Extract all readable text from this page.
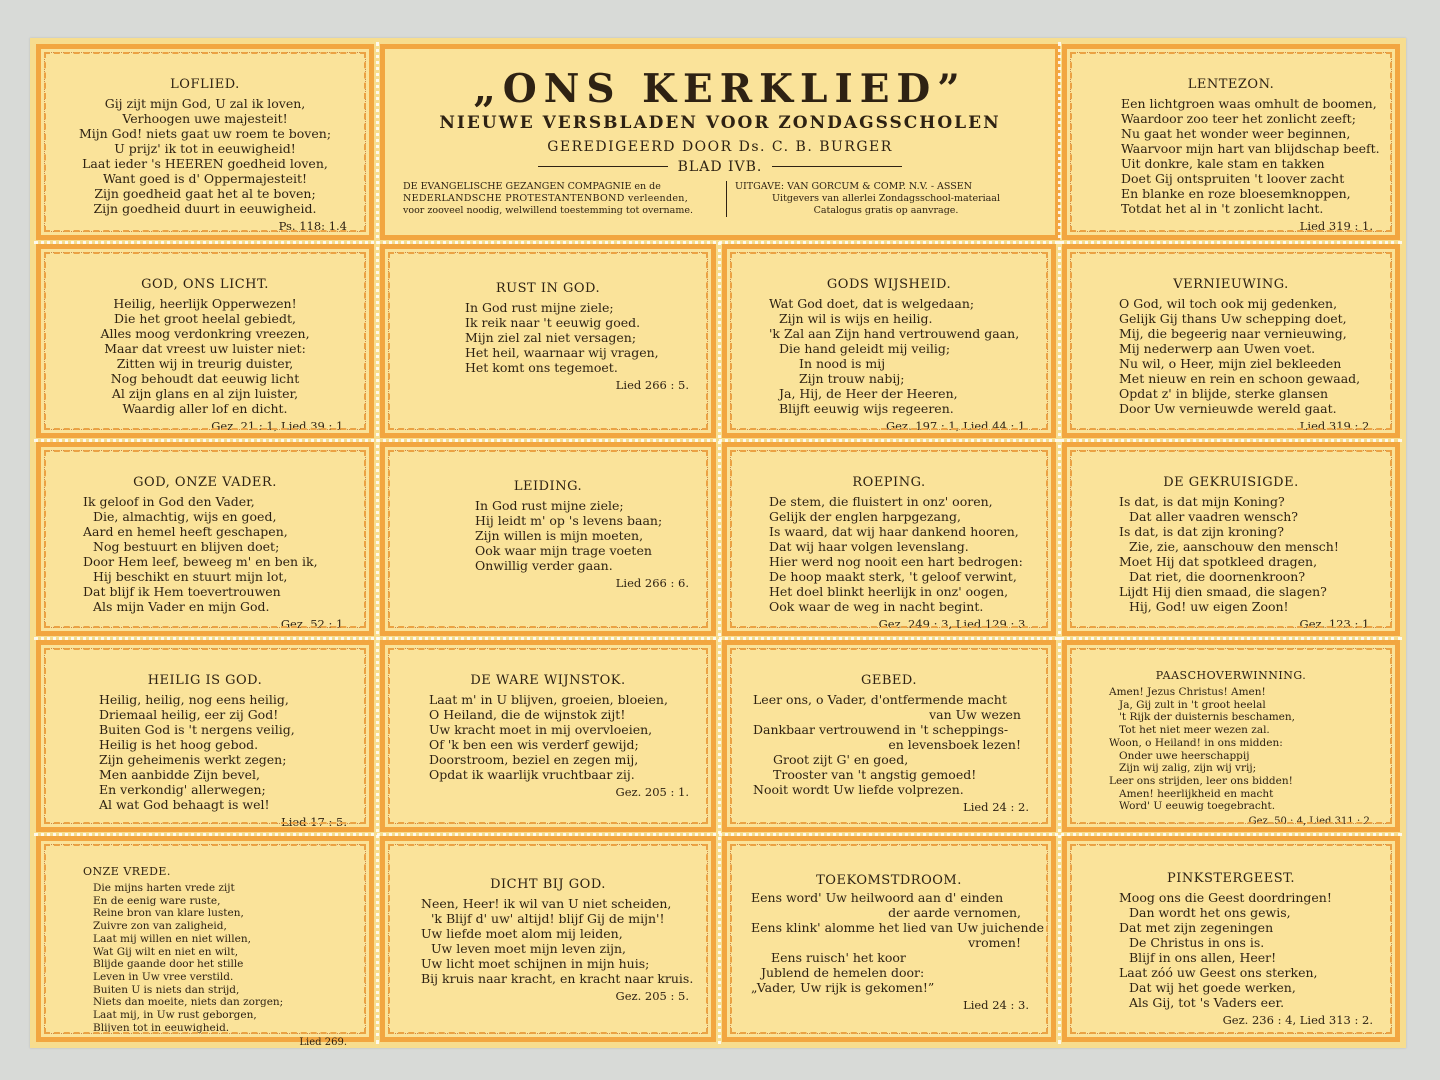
„ONS KERKLIED”
NIEUWE VERSBLADEN VOOR ZONDAGSSCHOLEN
GEREDIGEERD DOOR Ds. C. B. BURGER
BLAD IVB.
DE EVANGELISCHE GEZANGEN COMPAGNIE en de
NEDERLANDSCHE PROTESTANTENBOND verleenden,
voor zooveel noodig, welwillend toestemming tot overname.
UITGAVE: VAN GORCUM & COMP. N.V. - ASSEN
Uitgevers van allerlei Zondagsschool-materiaal
Catalogus gratis op aanvrage.
LOFLIED.
Gij zijt mijn God, U zal ik loven,
Verhoogen uwe majesteit!
Mijn God! niets gaat uw roem te boven;
U prijz' ik tot in eeuwigheid!
Laat ieder 's HEEREN goedheid loven,
Want goed is d' Oppermajesteit!
Zijn goedheid gaat het al te boven;
Zijn goedheid duurt in eeuwigheid.
Ps. 118: 1.4
LENTEZON.
Een lichtgroen waas omhult de boomen,
Waardoor zoo teer het zonlicht zeeft;
Nu gaat het wonder weer beginnen,
Waarvoor mijn hart van blijdschap beeft.
Uit donkre, kale stam en takken
Doet Gij ontspruiten 't loover zacht
En blanke en roze bloesemknoppen,
Totdat het al in 't zonlicht lacht.
Lied 319 : 1.
GOD, ONS LICHT.
Heilig, heerlijk Opperwezen!
Die het groot heelal gebiedt,
Alles moog verdonkring vreezen,
Maar dat vreest uw luister niet:
Zitten wij in treurig duister,
Nog behoudt dat eeuwig licht
Al zijn glans en al zijn luister,
Waardig aller lof en dicht.
Gez. 21 : 1, Lied 39 : 1.
RUST IN GOD.
In God rust mijne ziele;
Ik reik naar 't eeuwig goed.
Mijn ziel zal niet versagen;
Het heil, waarnaar wij vragen,
Het komt ons tegemoet.
Lied 266 : 5.
GODS WIJSHEID.
Wat God doet, dat is welgedaan;
Zijn wil is wijs en heilig.
'k Zal aan Zijn hand vertrouwend gaan,
Die hand geleidt mij veilig;
In nood is mij
Zijn trouw nabij;
Ja, Hij, de Heer der Heeren,
Blijft eeuwig wijs regeeren.
Gez. 197 : 1, Lied 44 : 1.
VERNIEUWING.
O God, wil toch ook mij gedenken,
Gelijk Gij thans Uw schepping doet,
Mij, die begeerig naar vernieuwing,
Mij nederwerp aan Uwen voet.
Nu wil, o Heer, mijn ziel bekleeden
Met nieuw en rein en schoon gewaad,
Opdat z' in blijde, sterke glansen
Door Uw vernieuwde wereld gaat.
Lied 319 : 2.
GOD, ONZE VADER.
Ik geloof in God den Vader,
Die, almachtig, wijs en goed,
Aard en hemel heeft geschapen,
Nog bestuurt en blijven doet;
Door Hem leef, beweeg m' en ben ik,
Hij beschikt en stuurt mijn lot,
Dat blijf ik Hem toevertrouwen
Als mijn Vader en mijn God.
Gez. 52 : 1.
LEIDING.
In God rust mijne ziele;
Hij leidt m' op 's levens baan;
Zijn willen is mijn moeten,
Ook waar mijn trage voeten
Onwillig verder gaan.
Lied 266 : 6.
ROEPING.
De stem, die fluistert in onz' ooren,
Gelijk der englen harpgezang,
Is waard, dat wij haar dankend hooren,
Dat wij haar volgen levenslang.
Hier werd nog nooit een hart bedrogen:
De hoop maakt sterk, 't geloof verwint,
Het doel blinkt heerlijk in onz' oogen,
Ook waar de weg in nacht begint.
Gez. 249 : 3, Lied 129 : 3.
DE GEKRUISIGDE.
Is dat, is dat mijn Koning?
Dat aller vaadren wensch?
Is dat, is dat zijn kroning?
Zie, zie, aanschouw den mensch!
Moet Hij dat spotkleed dragen,
Dat riet, die doornenkroon?
Lijdt Hij dien smaad, die slagen?
Hij, God! uw eigen Zoon!
Gez. 123 : 1.
HEILIG IS GOD.
Heilig, heilig, nog eens heilig,
Driemaal heilig, eer zij God!
Buiten God is 't nergens veilig,
Heilig is het hoog gebod.
Zijn geheimenis werkt zegen;
Men aanbidde Zijn bevel,
En verkondig' allerwegen;
Al wat God behaagt is wel!
Lied 17 : 5.
DE WARE WIJNSTOK.
Laat m' in U blijven, groeien, bloeien,
O Heiland, die de wijnstok zijt!
Uw kracht moet in mij overvloeien,
Of 'k ben een wis verderf gewijd;
Doorstroom, beziel en zegen mij,
Opdat ik waarlijk vruchtbaar zij.
Gez. 205 : 1.
GEBED.
Leer ons, o Vader, d'ontfermende macht
van Uw wezen
Dankbaar vertrouwend in 't scheppings-
en levensboek lezen!
Groot zijt G' en goed,
Trooster van 't angstig gemoed!
Nooit wordt Uw liefde volprezen.
Lied 24 : 2.
PAASCHOVERWINNING.
Amen! Jezus Christus! Amen!
Ja, Gij zult in 't groot heelal
't Rijk der duisternis beschamen,
Tot het niet meer wezen zal.
Woon, o Heiland! in ons midden:
Onder uwe heerschappij
Zijn wij zalig, zijn wij vrij;
Leer ons strijden, leer ons bidden!
Amen! heerlijkheid en macht
Word' U eeuwig toegebracht.
Gez. 50 : 4, Lied 311 : 2.
ONZE VREDE.
Die mijns harten vrede zijt
En de eenig ware ruste,
Reine bron van klare lusten,
Zuivre zon van zaligheid,
Laat mij willen en niet willen,
Wat Gij wilt en niet en wilt,
Blijde gaande door het stille
Leven in Uw vree verstild.
Buiten U is niets dan strijd,
Niets dan moeite, niets dan zorgen;
Laat mij, in Uw rust geborgen,
Blijven tot in eeuwigheid.
Lied 269.
DICHT BIJ GOD.
Neen, Heer! ik wil van U niet scheiden,
'k Blijf d' uw' altijd! blijf Gij de mijn'!
Uw liefde moet alom mij leiden,
Uw leven moet mijn leven zijn,
Uw licht moet schijnen in mijn huis;
Bij kruis naar kracht, en kracht naar kruis.
Gez. 205 : 5.
TOEKOMSTDROOM.
Eens word' Uw heilwoord aan d' einden
der aarde vernomen,
Eens klink' alomme het lied van Uw juichende
vromen!
Eens ruisch' het koor
Jublend de hemelen door:
„Vader, Uw rijk is gekomen!”
Lied 24 : 3.
PINKSTERGEEST.
Moog ons die Geest doordringen!
Dan wordt het ons gewis,
Dat met zijn zegeningen
De Christus in ons is.
Blijf in ons allen, Heer!
Laat zóó uw Geest ons sterken,
Dat wij het goede werken,
Als Gij, tot 's Vaders eer.
Gez. 236 : 4, Lied 313 : 2.
